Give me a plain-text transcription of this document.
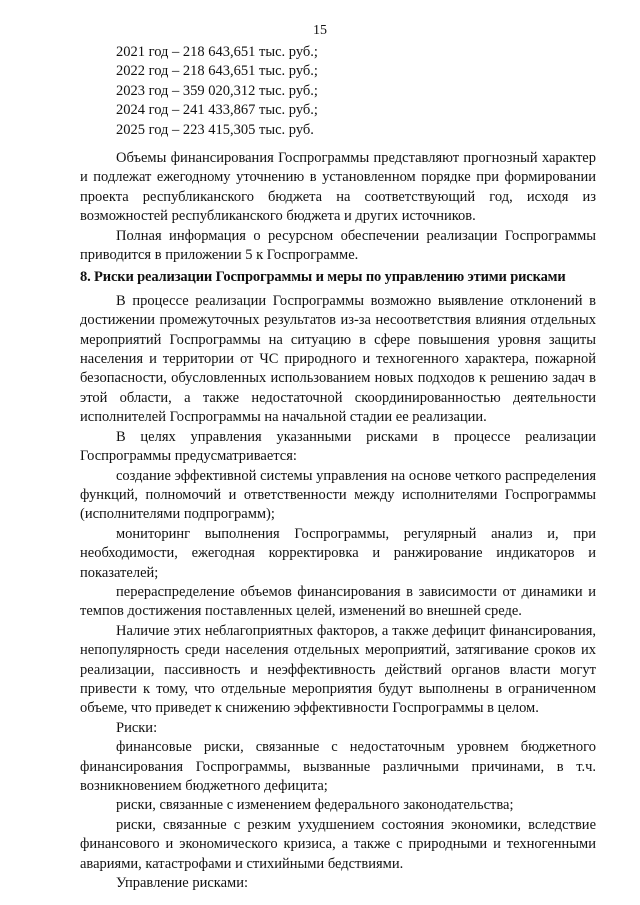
15
2021 год – 218 643,651 тыс. руб.;
2022 год – 218 643,651 тыс. руб.;
2023 год – 359 020,312 тыс. руб.;
2024 год – 241 433,867 тыс. руб.;
2025 год – 223 415,305 тыс. руб.

Объемы финансирования Госпрограммы представляют прогнозный характер и подлежат ежегодному уточнению в установленном порядке при формировании проекта республиканского бюджета на соответствующий год, исходя из возможностей республиканского бюджета и других источников.

Полная информация о ресурсном обеспечении реализации Госпрограммы приводится в приложении 5 к Госпрограмме.

8. Риски реализации Госпрограммы и меры по управлению этими рисками

В процессе реализации Госпрограммы возможно выявление отклонений в достижении промежуточных результатов из-за несоответствия влияния отдельных мероприятий Госпрограммы на ситуацию в сфере повышения уровня защиты населения и территории от ЧС природного и техногенного характера, пожарной безопасности, обусловленных использованием новых подходов к решению задач в этой области, а также недостаточной скоординированностью деятельности исполнителей Госпрограммы на начальной стадии ее реализации.

В целях управления указанными рисками в процессе реализации Госпрограммы предусматривается:

создание эффективной системы управления на основе четкого распределения функций, полномочий и ответственности между исполнителями Госпрограммы (исполнителями подпрограмм);

мониторинг выполнения Госпрограммы, регулярный анализ и, при необходимости, ежегодная корректировка и ранжирование индикаторов и показателей;

перераспределение объемов финансирования в зависимости от динамики и темпов достижения поставленных целей, изменений во внешней среде.

Наличие этих неблагоприятных факторов, а также дефицит финансирования, непопулярность среди населения отдельных мероприятий, затягивание сроков их реализации, пассивность и неэффективность действий органов власти могут привести к тому, что отдельные мероприятия будут выполнены в ограниченном объеме, что приведет к снижению эффективности Госпрограммы в целом.

Риски:

финансовые риски, связанные с недостаточным уровнем бюджетного финансирования Госпрограммы, вызванные различными причинами, в т.ч. возникновением бюджетного дефицита;

риски, связанные с изменением федерального законодательства;

риски, связанные с резким ухудшением состояния экономики, вследствие финансового и экономического кризиса, а также с природными и техногенными авариями, катастрофами и стихийными бедствиями.

Управление рисками:
